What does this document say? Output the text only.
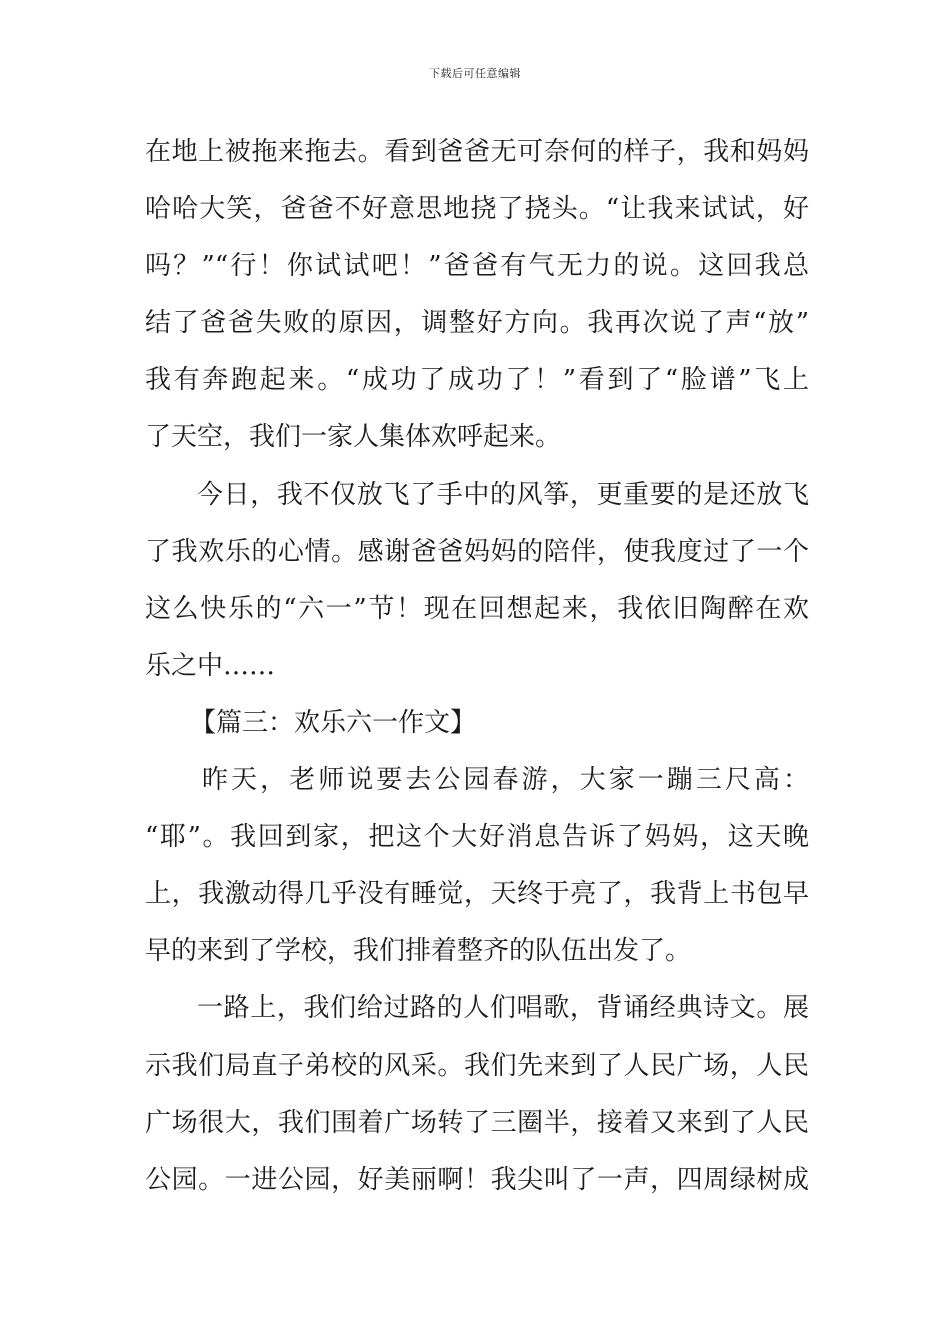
下载后可任意编辑
在地上被拖来拖去。看到爸爸无可奈何的样子，我和妈妈
哈哈大笑，爸爸不好意思地挠了挠头。“让我来试试，好
吗？”“行！你试试吧！”爸爸有气无力的说。这回我总
结了爸爸失败的原因，调整好方向。我再次说了声“放”
我有奔跑起来。“成功了成功了！”看到了“脸谱”飞上
了天空，我们一家人集体欢呼起来。
今日，我不仅放飞了手中的风筝，更重要的是还放飞
了我欢乐的心情。感谢爸爸妈妈的陪伴，使我度过了一个
这么快乐的“六一”节！现在回想起来，我依旧陶醉在欢
乐之中……
【篇三：欢乐六一作文】
昨天，老师说要去公园春游，大家一蹦三尺高：
“耶”。我回到家，把这个大好消息告诉了妈妈，这天晚
上，我激动得几乎没有睡觉，天终于亮了，我背上书包早
早的来到了学校，我们排着整齐的队伍出发了。
一路上，我们给过路的人们唱歌，背诵经典诗文。展
示我们局直子弟校的风采。我们先来到了人民广场，人民
广场很大，我们围着广场转了三圈半，接着又来到了人民
公园。一进公园，好美丽啊！我尖叫了一声，四周绿树成
